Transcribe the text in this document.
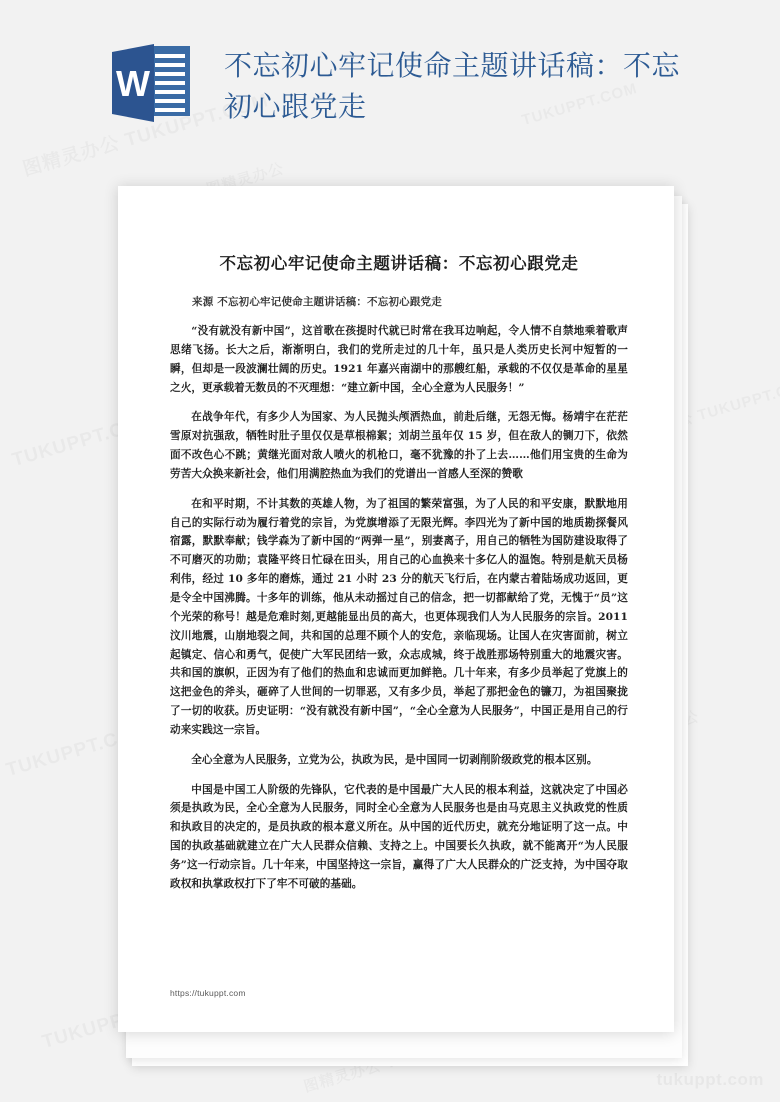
W	不忘初心牢记使命主题讲话稿：不忘初心跟党走
不忘初心牢记使命主题讲话稿：不忘初心跟党走
来源 不忘初心牢记使命主题讲话稿：不忘初心跟党走

“没有就没有新中国”，这首歌在孩提时代就已时常在我耳边响起，令人情不自禁地乘着歌声思绪飞扬。长大之后，渐渐明白，我们的党所走过的几十年，虽只是人类历史长河中短暂的一瞬，但却是一段波澜壮阔的历史。1921 年嘉兴南湖中的那艘红船，承载的不仅仅是革命的星星之火，更承载着无数员的不灭理想：“建立新中国，全心全意为人民服务！”

在战争年代，有多少人为国家、为人民抛头颅洒热血，前赴后继，无怨无悔。杨靖宇在茫茫雪原对抗强敌，牺牲时肚子里仅仅是草根棉絮；刘胡兰虽年仅 15 岁，但在敌人的铡刀下，依然面不改色心不跳；黄继光面对敌人喷火的机枪口，毫不犹豫的扑了上去……他们用宝贵的生命为劳苦大众换来新社会，他们用满腔热血为我们的党谱出一首感人至深的赞歌

在和平时期，不计其数的英雄人物，为了祖国的繁荣富强，为了人民的和平安康，默默地用自己的实际行动为履行着党的宗旨，为党旗增添了无限光辉。李四光为了新中国的地质勘探餐风宿露，默默奉献；钱学森为了新中国的“两弹一星”，别妻离子，用自己的牺牲为国防建设取得了不可磨灭的功勋；袁隆平终日忙碌在田头，用自己的心血换来十多亿人的温饱。特别是航天员杨利伟，经过 10 多年的磨炼，通过 21 小时 23 分的航天飞行后，在内蒙古着陆场成功返回，更是令全中国沸腾。十多年的训练，他从未动摇过自己的信念，把一切都献给了党，无愧于“员”这个光荣的称号！越是危难时刻,更越能显出员的高大，也更体现我们人为人民服务的宗旨。2011 汶川地震，山崩地裂之间，共和国的总理不顾个人的安危，亲临现场。让国人在灾害面前，树立起镇定、信心和勇气，促使广大军民团结一致，众志成城，终于战胜那场特别重大的地震灾害。共和国的旗帜，正因为有了他们的热血和忠诚而更加鲜艳。几十年来，有多少员举起了党旗上的这把金色的斧头，砸碎了人世间的一切罪恶，又有多少员，举起了那把金色的镰刀，为祖国聚拢了一切的收获。历史证明：“没有就没有新中国”，“全心全意为人民服务”，中国正是用自己的行动来实践这一宗旨。

全心全意为人民服务，立党为公，执政为民，是中国同一切剥削阶级政党的根本区别。

中国是中国工人阶级的先锋队，它代表的是中国最广大人民的根本利益，这就决定了中国必须是执政为民，全心全意为人民服务，同时全心全意为人民服务也是由马克思主义执政党的性质和执政目的决定的，是员执政的根本意义所在。从中国的近代历史，就充分地证明了这一点。中国的执政基础就建立在广大人民群众信赖、支持之上。中国要长久执政，就不能离开“为人民服务”这一行动宗旨。几十年来，中国坚持这一宗旨，赢得了广大人民群众的广泛支持，为中国夺取政权和执掌政权打下了牢不可破的基础。

https://tukuppt.com
